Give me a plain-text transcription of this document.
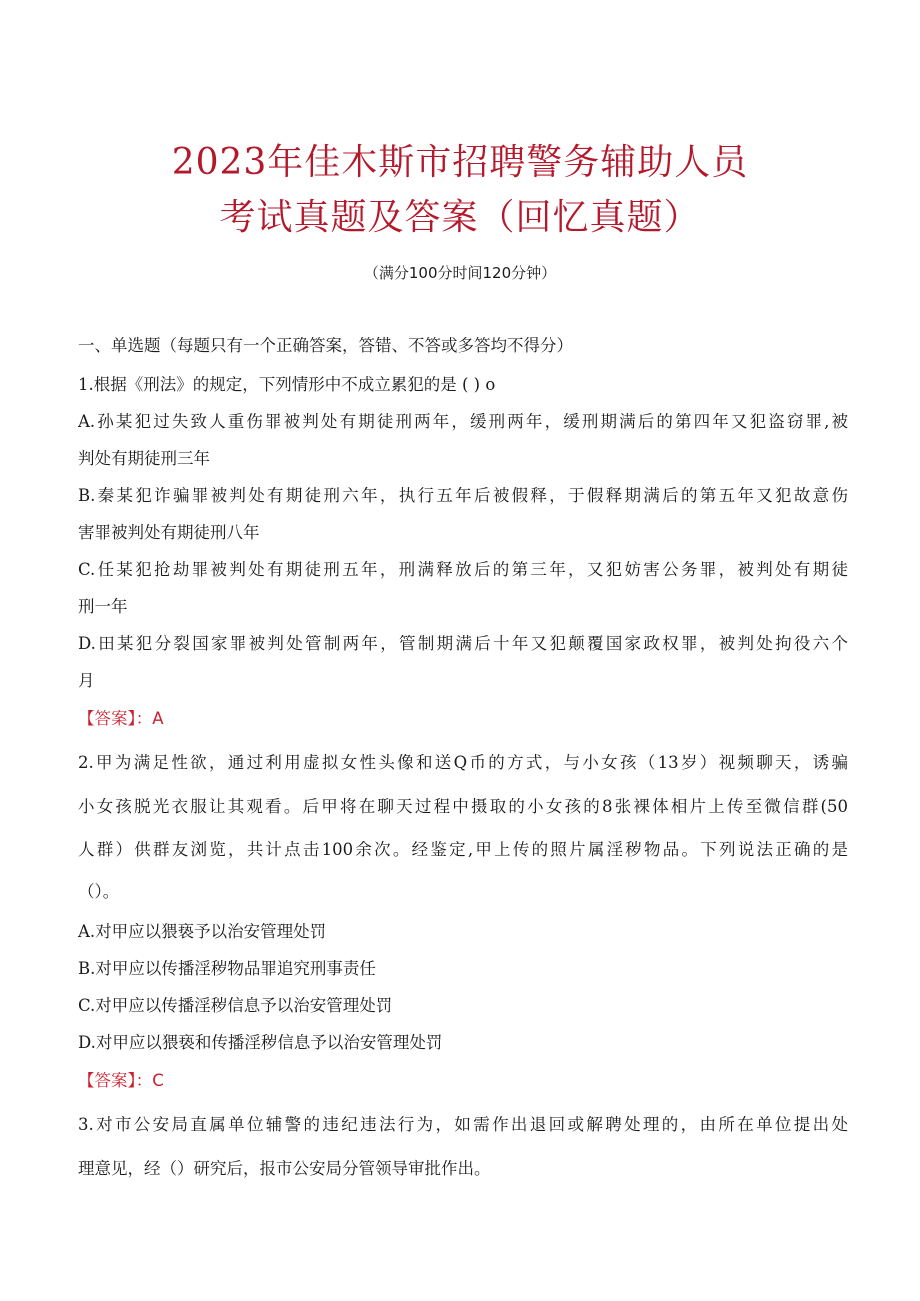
2023年佳木斯市招聘警务辅助人员
考试真题及答案（回忆真题）
（满分100分时间120分钟）
一、单选题（每题只有一个正确答案，答错、不答或多答均不得分）
1.根据《刑法》的规定，下列情形中不成立累犯的是 ( ) o
A.孙某犯过失致人重伤罪被判处有期徒刑两年，缓刑两年，缓刑期满后的第四年又犯盗窃罪,被
判处有期徒刑三年
B.秦某犯诈骗罪被判处有期徒刑六年，执行五年后被假释，于假释期满后的第五年又犯故意伤
害罪被判处有期徒刑八年
C.任某犯抢劫罪被判处有期徒刑五年，刑满释放后的第三年，又犯妨害公务罪，被判处有期徒
刑一年
D.田某犯分裂国家罪被判处管制两年，管制期满后十年又犯颠覆国家政权罪，被判处拘役六个
月
【答案】：A
2.甲为满足性欲，通过利用虚拟女性头像和送Q币的方式，与小女孩（13岁）视频聊天，诱骗
小女孩脱光衣服让其观看。后甲将在聊天过程中摄取的小女孩的8张裸体相片上传至微信群(50
人群）供群友浏览，共计点击100余次。经鉴定,甲上传的照片属淫秽物品。下列说法正确的是
（）。
A.对甲应以猥亵予以治安管理处罚
B.对甲应以传播淫秽物品罪追究刑事责任
C.对甲应以传播淫秽信息予以治安管理处罚
D.对甲应以猥亵和传播淫秽信息予以治安管理处罚
【答案】：C
3.对市公安局直属单位辅警的违纪违法行为，如需作出退回或解聘处理的，由所在单位提出处
理意见，经（）研究后，报市公安局分管领导审批作出。
